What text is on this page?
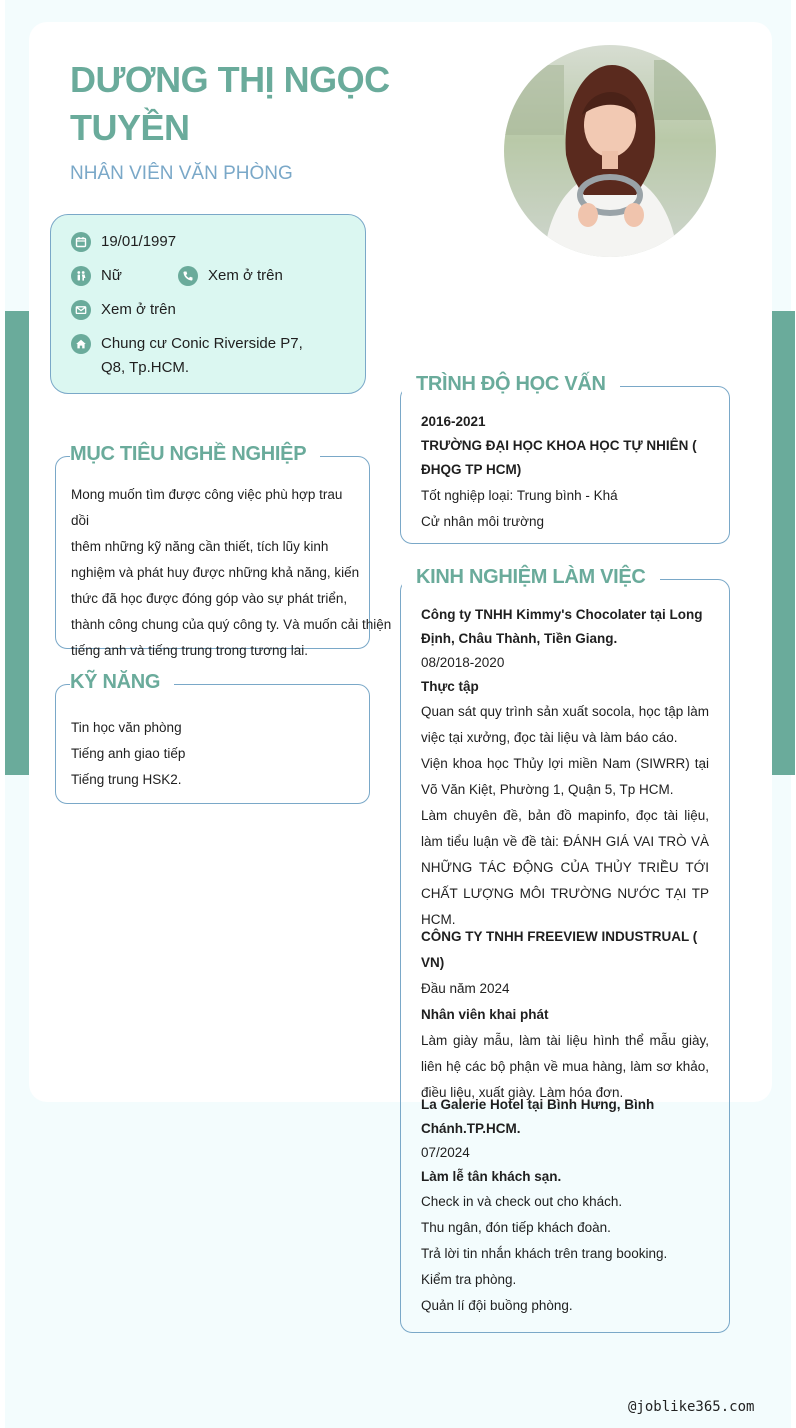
DƯƠNG THỊ NGỌC TUYỀN
NHÂN VIÊN VĂN PHÒNG
19/01/1997
Nữ	Xem ở trên
Xem ở trên
Chung cư Conic Riverside P7, Q8, Tp.HCM.
MỤC TIÊU NGHỀ NGHIỆP
Mong muốn tìm được công việc phù hợp trau dồi
thêm những kỹ năng cần thiết, tích lũy kinh
nghiệm và phát huy được những khả năng, kiến
thức đã học được đóng góp vào sự phát triển,
thành công chung của quý công ty. Và muốn cải thiện
tiếng anh và tiếng trung trong tương lai.
KỸ NĂNG
Tin học văn phòng
Tiếng anh giao tiếp
Tiếng trung HSK2.
TRÌNH ĐỘ HỌC VẤN
2016-2021
TRƯỜNG ĐẠI HỌC KHOA HỌC TỰ NHIÊN ( ĐHQG TP HCM)
Tốt nghiệp loại: Trung bình - Khá
Cử nhân môi trường
KINH NGHIỆM LÀM VIỆC
Công ty TNHH Kimmy's Chocolater tại Long Định, Châu Thành, Tiền Giang.
08/2018-2020
Thực tập
Quan sát quy trình sản xuất socola, học tập làm việc tại xưởng, đọc tài liệu và làm báo cáo.
Viện khoa học Thủy lợi miền Nam (SIWRR) tại Võ Văn Kiệt, Phường 1, Quận 5, Tp HCM.
Làm chuyên đề, bản đồ mapinfo, đọc tài liệu, làm tiểu luận về đề tài: ĐÁNH GIÁ VAI TRÒ VÀ NHỮNG TÁC ĐỘNG CỦA THỦY TRIỀU TỚI CHẤT LƯỢNG MÔI TRƯỜNG NƯỚC TẠI TP HCM.
CÔNG TY TNHH FREEVIEW INDUSTRUAL ( VN)
Đầu năm 2024
Nhân viên khai phát
Làm giày mẫu, làm tài liệu hình thể mẫu giày, liên hệ các bộ phận về mua hàng, làm sơ khảo, điều liệu, xuất giày. Làm hóa đơn.
La Galerie Hotel tại Bình Hưng, Bình Chánh.TP.HCM.
07/2024
Làm lễ tân khách sạn.
Check in và check out cho khách.
Thu ngân, đón tiếp khách đoàn.
Trả lời tin nhắn khách trên trang booking.
Kiểm tra phòng.
Quản lí đội buồng phòng.
@joblike365.com
